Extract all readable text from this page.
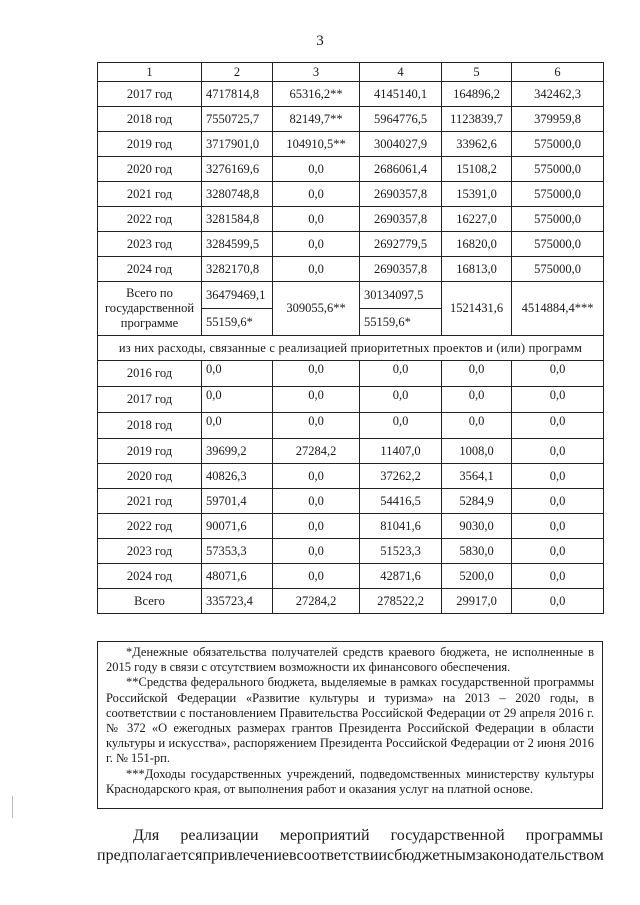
3
1	2	3	4	5	6
2017 год	4717814,8	65316,2**	4145140,1	164896,2	342462,3
2018 год	7550725,7	82149,7**	5964776,5	1123839,7	379959,8
2019 год	3717901,0	104910,5**	3004027,9	33962,6	575000,0
2020 год	3276169,6	0,0	2686061,4	15108,2	575000,0
2021 год	3280748,8	0,0	2690357,8	15391,0	575000,0
2022 год	3281584,8	0,0	2690357,8	16227,0	575000,0
2023 год	3284599,5	0,0	2692779,5	16820,0	575000,0
2024 год	3282170,8	0,0	2690357,8	16813,0	575000,0
Всего по государственной программе	36479469,1	309055,6**	30134097,5	1521431,6	4514884,4***
	55159,6*		55159,6*		
из них расходы, связанные с реализацией приоритетных проектов и (или) программ					
2016 год	0,0	0,0	0,0	0,0	0,0
2017 год	0,0	0,0	0,0	0,0	0,0
2018 год	0,0	0,0	0,0	0,0	0,0
2019 год	39699,2	27284,2	11407,0	1008,0	0,0
2020 год	40826,3	0,0	37262,2	3564,1	0,0
2021 год	59701,4	0,0	54416,5	5284,9	0,0
2022 год	90071,6	0,0	81041,6	9030,0	0,0
2023 год	57353,3	0,0	51523,3	5830,0	0,0
2024 год	48071,6	0,0	42871,6	5200,0	0,0
Всего	335723,4	27284,2	278522,2	29917,0	0,0

*Денежные обязательства получателей средств краевого бюджета, не исполненные в 2015 году в связи с отсутствием возможности их финансового обеспечения.

**Средства федерального бюджета, выделяемые в рамках государственной программы Российской Федерации «Развитие культуры и туризма» на 2013 – 2020 годы, в соответствии с постановлением Правительства Российской Федерации от 29 апреля 2016 г. № 372 «О ежегодных размерах грантов Президента Российской Федерации в области культуры и искусства», распоряжением Президента Российской Федерации от 2 июня 2016 г. № 151-рп.

***Доходы государственных учреждений, подведомственных министерству культуры Краснодарского края, от выполнения работ и оказания услуг на платной основе.

Для реализации мероприятий государственной программы
предполагается привлечение в соответствии с бюджетным законодательством
